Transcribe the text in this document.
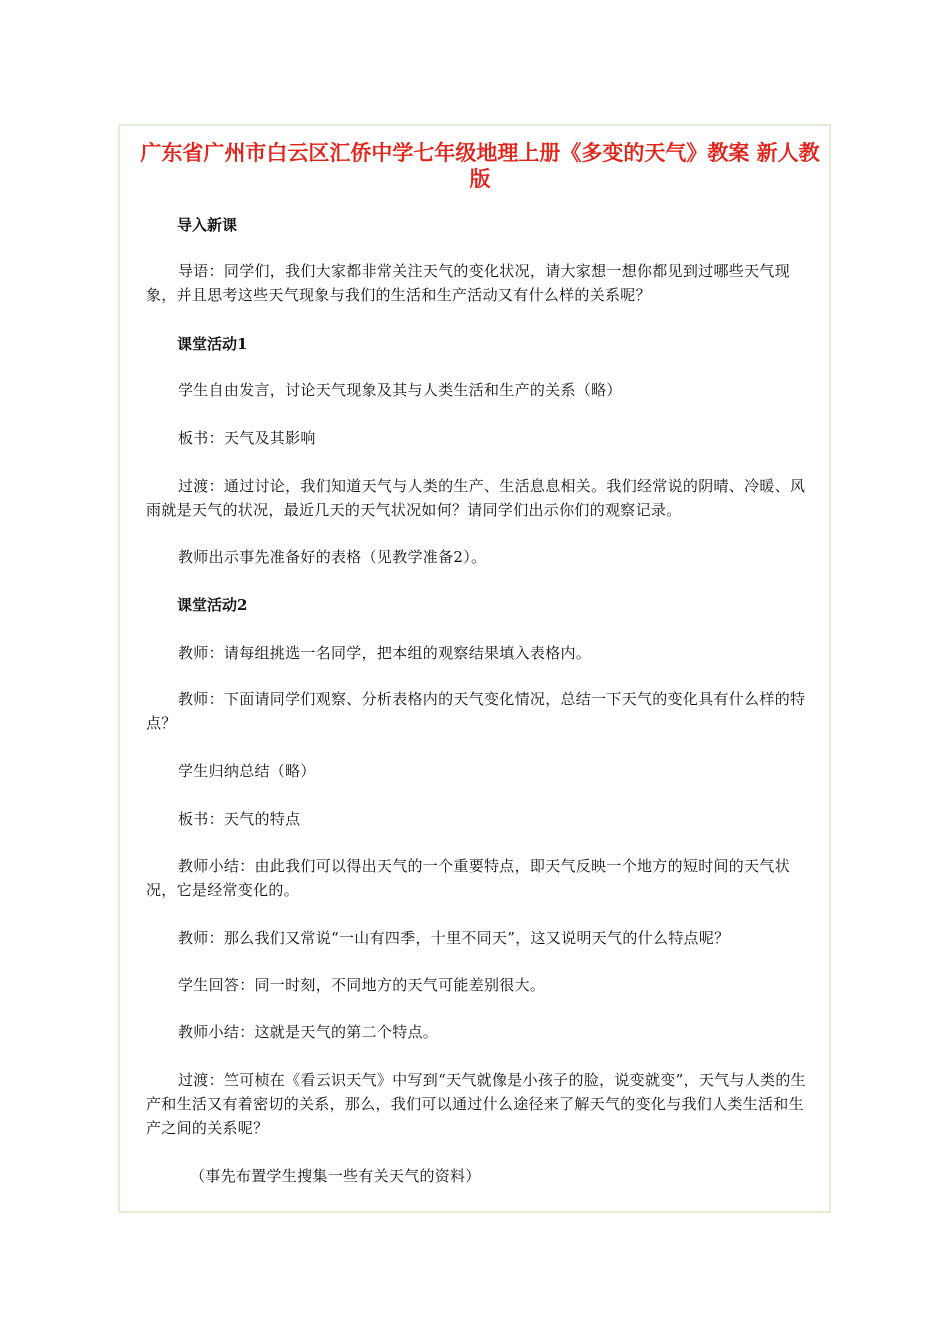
广东省广州市白云区汇侨中学七年级地理上册《多变的天气》教案 新人教版

导入新课

导语：同学们，我们大家都非常关注天气的变化状况，请大家想一想你都见到过哪些天气现象，并且思考这些天气现象与我们的生活和生产活动又有什么样的关系呢？

课堂活动1

学生自由发言，讨论天气现象及其与人类生活和生产的关系（略）

板书：天气及其影响

过渡：通过讨论，我们知道天气与人类的生产、生活息息相关。我们经常说的阴晴、冷暖、风雨就是天气的状况，最近几天的天气状况如何？请同学们出示你们的观察记录。

教师出示事先准备好的表格（见教学准备2）。

课堂活动2

教师：请每组挑选一名同学，把本组的观察结果填入表格内。

教师：下面请同学们观察、分析表格内的天气变化情况，总结一下天气的变化具有什么样的特点？

学生归纳总结（略）

板书：天气的特点

教师小结：由此我们可以得出天气的一个重要特点，即天气反映一个地方的短时间的天气状况，它是经常变化的。

教师：那么我们又常说“一山有四季，十里不同天”，这又说明天气的什么特点呢？

学生回答：同一时刻，不同地方的天气可能差别很大。

教师小结：这就是天气的第二个特点。

过渡：竺可桢在《看云识天气》中写到“天气就像是小孩子的脸，说变就变”，天气与人类的生产和生活又有着密切的关系，那么，我们可以通过什么途径来了解天气的变化与我们人类生活和生产之间的关系呢？

（事先布置学生搜集一些有关天气的资料）
